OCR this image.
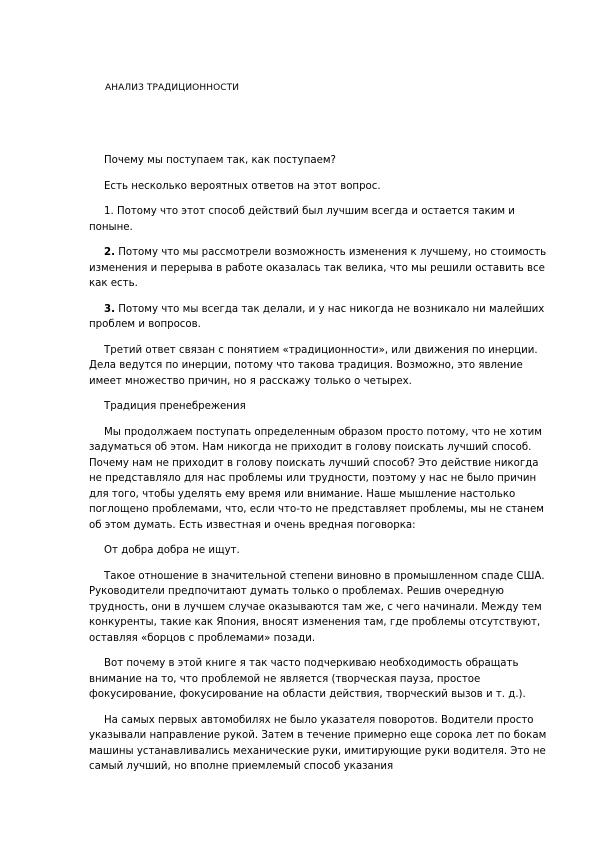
АНАЛИЗ ТРАДИЦИОННОСТИ

Почему мы поступаем так, как поступаем?

Есть несколько вероятных ответов на этот вопрос.

1. Потому что этот способ действий был лучшим всегда и остается таким и поныне.

2. Потому что мы рассмотрели возможность изменения к лучшему, но стоимость изменения и перерыва в работе оказалась так велика, что мы решили оставить все как есть.

3. Потому что мы всегда так делали, и у нас никогда не возникало ни малейших проблем и вопросов.

Третий ответ связан с понятием «традиционности», или движения по инерции. Дела ведутся по инерции, потому что такова традиция. Возможно, это явление имеет множество причин, но я расскажу только о четырех.

Традиция пренебрежения

Мы продолжаем поступать определенным образом просто потому, что не хотим задуматься об этом. Нам никогда не приходит в голову поискать лучший способ. Почему нам не приходит в голову поискать лучший способ? Это действие никогда не представляло для нас проблемы или трудности, поэтому у нас не было причин для того, чтобы уделять ему время или внимание. Наше мышление настолько поглощено проблемами, что, если что-то не представляет проблемы, мы не станем об этом думать. Есть известная и очень вредная поговорка:

От добра добра не ищут.

Такое отношение в значительной степени виновно в промышленном спаде США. Руководители предпочитают думать только о проблемах. Решив очередную трудность, они в лучшем случае оказываются там же, с чего начинали. Между тем конкуренты, такие как Япония, вносят изменения там, где проблемы отсутствуют, оставляя «борцов с проблемами» позади.

Вот почему в этой книге я так часто подчеркиваю необходимость обращать внимание на то, что проблемой не является (творческая пауза, простое фокусирование, фокусирование на области действия, творческий вызов и т. д.).

На самых первых автомобилях не было указателя поворотов. Водители просто указывали направление рукой. Затем в течение примерно еще сорока лет по бокам машины устанавливались механические руки, имитирующие руки водителя. Это не самый лучший, но вполне приемлемый способ указания
